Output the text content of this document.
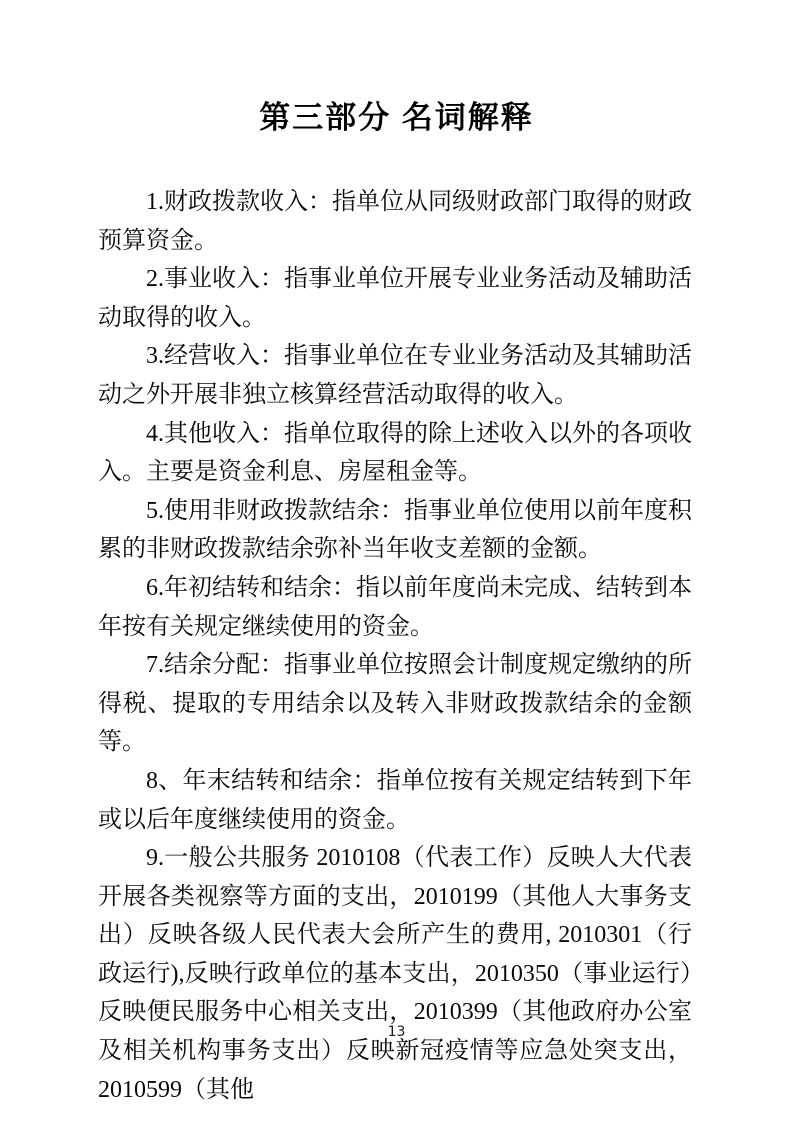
第三部分 名词解释

1.财政拨款收入：指单位从同级财政部门取得的财政预算资金。

2.事业收入：指事业单位开展专业业务活动及辅助活动取得的收入。

3.经营收入：指事业单位在专业业务活动及其辅助活动之外开展非独立核算经营活动取得的收入。

4.其他收入：指单位取得的除上述收入以外的各项收入。主要是资金利息、房屋租金等。

5.使用非财政拨款结余：指事业单位使用以前年度积累的非财政拨款结余弥补当年收支差额的金额。

6.年初结转和结余：指以前年度尚未完成、结转到本年按有关规定继续使用的资金。

7.结余分配：指事业单位按照会计制度规定缴纳的所得税、提取的专用结余以及转入非财政拨款结余的金额等。

8、年末结转和结余：指单位按有关规定结转到下年或以后年度继续使用的资金。

9.一般公共服务 2010108（代表工作）反映人大代表开展各类视察等方面的支出，2010199（其他人大事务支出）反映各级人民代表大会所产生的费用, 2010301（行政运行),反映行政单位的基本支出，2010350（事业运行）反映便民服务中心相关支出，2010399（其他政府办公室及相关机构事务支出）反映新冠疫情等应急处突支出， 2010599（其他

13
